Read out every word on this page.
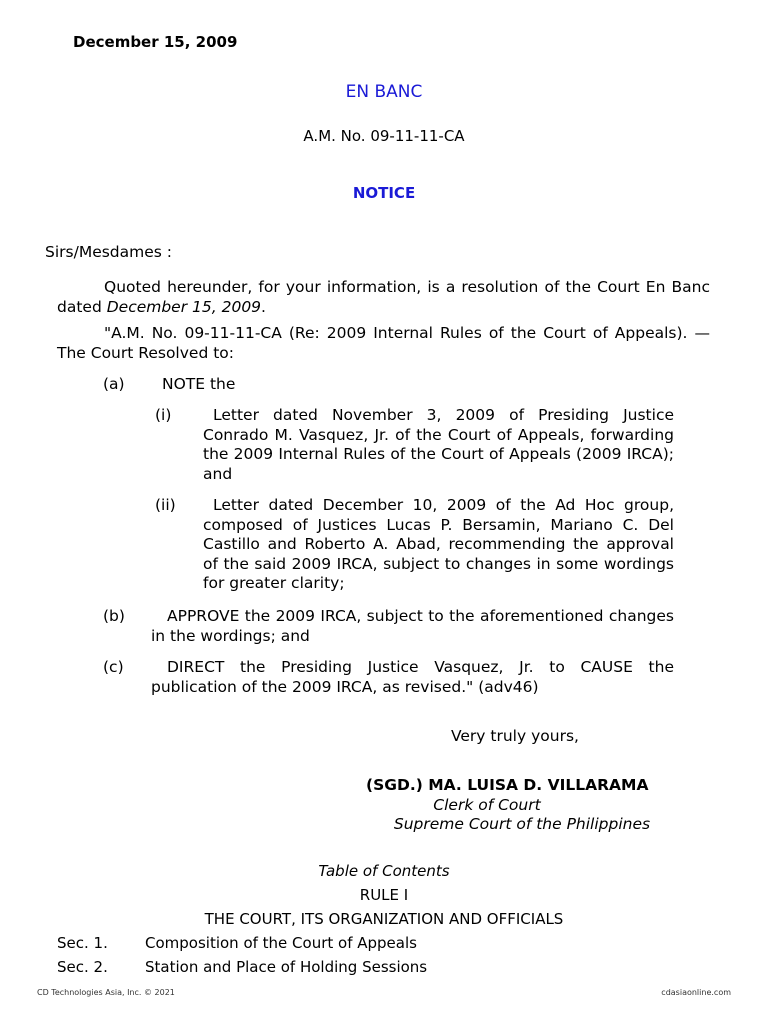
December 15, 2009
EN BANC
A.M. No. 09-11-11-CA
NOTICE
Sirs/Mesdames :
Quoted hereunder, for your information, is a resolution of the Court En Banc dated December 15, 2009.
"A.M. No. 09-11-11-CA (Re: 2009 Internal Rules of the Court of Appeals). — The Court Resolved to:
(a) NOTE the
(i)	Letter dated November 3, 2009 of Presiding Justice Conrado M. Vasquez, Jr. of the Court of Appeals, forwarding the 2009 Internal Rules of the Court of Appeals (2009 IRCA); and
(ii)	Letter dated December 10, 2009 of the Ad Hoc group, composed of Justices Lucas P. Bersamin, Mariano C. Del Castillo and Roberto A. Abad, recommending the approval of the said 2009 IRCA, subject to changes in some wordings for greater clarity;
(b)	APPROVE the 2009 IRCA, subject to the aforementioned changes in the wordings; and
(c)	DIRECT the Presiding Justice Vasquez, Jr. to CAUSE the publication of the 2009 IRCA, as revised." (adv46)
Very truly yours,
(SGD.) MA. LUISA D. VILLARAMA
Clerk of Court
Supreme Court of the Philippines
Table of Contents
RULE I
THE COURT, ITS ORGANIZATION AND OFFICIALS
Sec. 1. Composition of the Court of Appeals
Sec. 2. Station and Place of Holding Sessions
CD Technologies Asia, Inc. © 2021	cdasiaonline.com
